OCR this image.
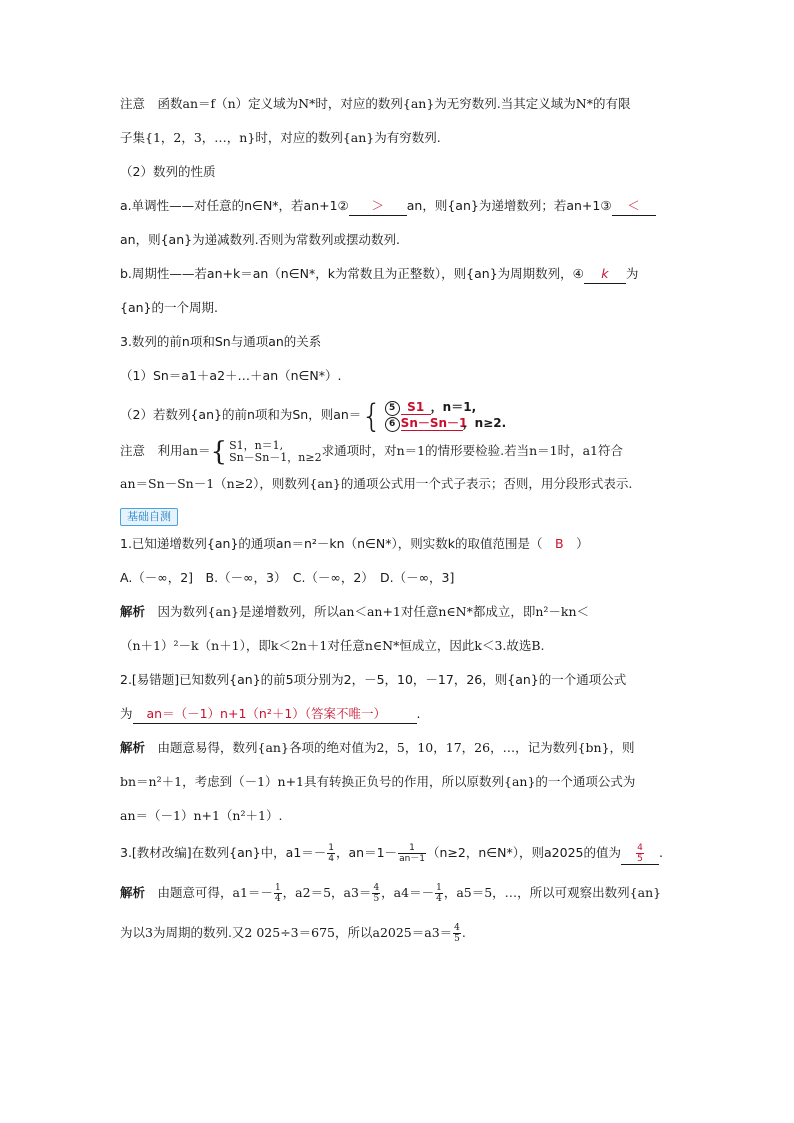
注意　函数an＝f（n）定义域为N*时，对应的数列{an}为无穷数列.当其定义域为N*的有限
子集{1，2，3，…，n}时，对应的数列{an}为有穷数列.
（2）数列的性质
a.单调性——对任意的n∈N*，若an+1② ＞ an，则{an}为递增数列；若an+1③ ＜
an，则{an}为递减数列.否则为常数列或摆动数列.
b.周期性——若an+k＝an（n∈N*，k为常数且为正整数），则{an}为周期数列，④ k 为
{an}的一个周期.
3.数列的前n项和Sn与通项an的关系
（1）Sn＝a1＋a2＋…＋an（n∈N*）.
（2）若数列{an}的前n项和为Sn，则an＝ { 5 S1 ，n＝1,
6 Sn－Sn－1，n≥2.
注意　利用an＝ { S1，n＝1,
Sn－Sn－1，n≥2 求通项时，对n＝1的情形要检验.若当n＝1时，a1符合
an＝Sn－Sn－1（n≥2），则数列{an}的通项公式用一个式子表示；否则，用分段形式表示.
基础自测
1.已知递增数列{an}的通项an＝n²－kn（n∈N*），则实数k的取值范围是（　 B　 ）
A.（－∞，2]　B.（－∞，3）　C.（－∞，2）　D.（－∞，3]
解析　 因为数列{an}是递增数列，所以an＜an+1对任意n∈N*都成立，即n²－kn＜
（n＋1）²－k（n＋1），即k＜2n＋1对任意n∈N*恒成立，因此k＜3.故选B.
2.[易错题]已知数列{an}的前5项分别为2，－5，10，－17，26，则{an}的一个通项公式
为 an＝（－1）n+1（n²＋1）（答案不唯一） .
解析　 由题意易得，数列{an}各项的绝对值为2，5，10，17，26，…，记为数列{bn}，则
bn＝n²＋1，考虑到（－1）n+1具有转换正负号的作用，所以原数列{an}的一个通项公式为
an＝（－1）n+1（n²＋1）.
3.[教材改编]在数列{an}中，$a1=- \frac{1}{4}$ ，$an=1- \frac{1}{an-1} (n\ge 2$，n∈N*），则a2025的值为 $\frac{4}{5}$ .
解析　 由题意可得，$a1=- \frac{1}{4}$ ，a2＝5，$a3= \frac{4}{5}$ ，$a4=- \frac{1}{4}$ ，a5＝5，…，所以可观察出数列{an}
为以3为周期的数列.又2 025÷3＝675，所以$a2025=a3= \frac{4}{5}$ .
